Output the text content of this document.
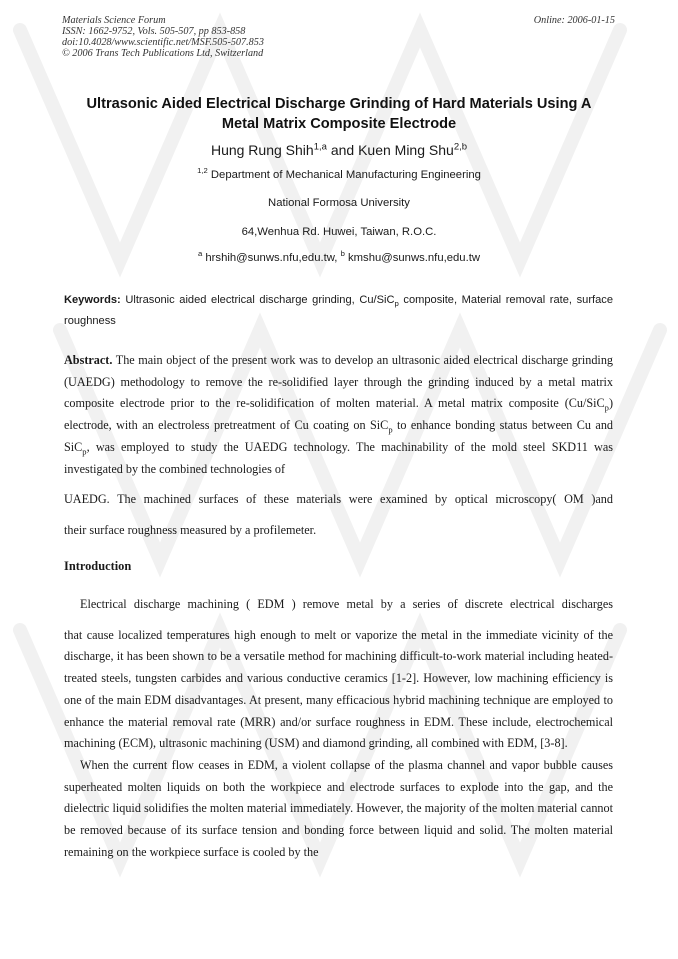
Materials Science Forum
ISSN: 1662-9752, Vols. 505-507, pp 853-858
doi:10.4028/www.scientific.net/MSF.505-507.853
© 2006 Trans Tech Publications Ltd, Switzerland
Online: 2006-01-15
Ultrasonic Aided Electrical Discharge Grinding of Hard Materials Using A
Metal Matrix Composite Electrode
Hung Rung Shih$^{1,a}$ and Kuen Ming Shu$^{2,b}$
$^{1,2}$ Department of Mechanical Manufacturing Engineering
National Formosa University
64,Wenhua Rd. Huwei, Taiwan, R.O.C.
$^a$ hrshih@sunws.nfu,edu.tw, $^b$ kmshu@sunws.nfu,edu.tw
Keywords: Ultrasonic aided electrical discharge grinding, Cu/SiC$_p$ composite, Material removal rate, surface roughness
Abstract. The main object of the present work was to develop an ultrasonic aided electrical discharge grinding (UAEDG) methodology to remove the re-solidified layer through the grinding induced by a metal matrix composite electrode prior to the re-solidification of molten material. A metal matrix composite (Cu/SiC$_p$) electrode, with an electroless pretreatment of Cu coating on SiC$_p$ to enhance bonding status between Cu and SiC$_p$, was employed to study the UAEDG technology. The machinability of the mold steel SKD11 was investigated by the combined technologies of
UAEDG. The machined surfaces of these materials were examined by optical microscopy( OM )and
their surface roughness measured by a profilemeter.
Introduction
Electrical discharge machining ( EDM ) remove metal by a series of discrete electrical discharges
that cause localized temperatures high enough to melt or vaporize the metal in the immediate vicinity of the discharge, it has been shown to be a versatile method for machining difficult-to-work material including heated-treated steels, tungsten carbides and various conductive ceramics [1-2]. However, low machining efficiency is one of the main EDM disadvantages. At present, many efficacious hybrid machining technique are employed to enhance the material removal rate (MRR) and/or surface roughness in EDM. These include, electrochemical machining (ECM), ultrasonic machining (USM) and diamond grinding, all combined with EDM, [3-8].
When the current flow ceases in EDM, a violent collapse of the plasma channel and vapor bubble causes superheated molten liquids on both the workpiece and electrode surfaces to explode into the gap, and the dielectric liquid solidifies the molten material immediately. However, the majority of the molten material cannot be removed because of its surface tension and bonding force between liquid and solid. The molten material remaining on the workpiece surface is cooled by the
